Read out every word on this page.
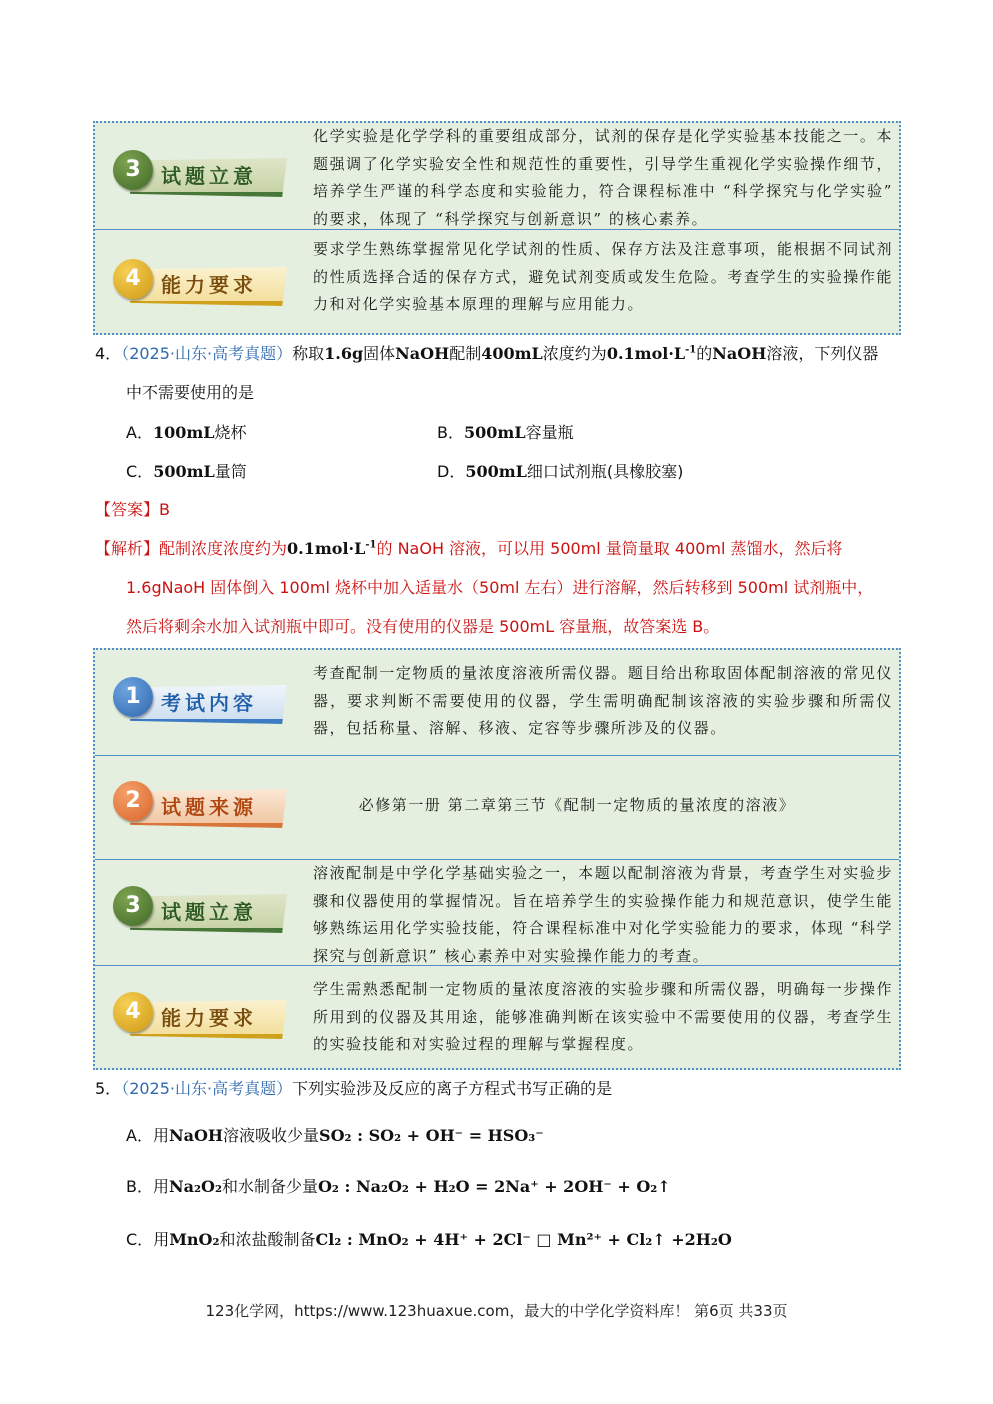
3	试题立意
化学实验是化学学科的重要组成部分，试剂的保存是化学实验基本技能之一。本题强调了化学实验安全性和规范性的重要性，引导学生重视化学实验操作细节，培养学生严谨的科学态度和实验能力，符合课程标准中 “科学探究与化学实验” 的要求，体现了 “科学探究与创新意识” 的核心素养。
4	能力要求
要求学生熟练掌握常见化学试剂的性质、保存方法及注意事项，能根据不同试剂的性质选择合适的保存方式，避免试剂变质或发生危险。考查学生的实验操作能力和对化学实验基本原理的理解与应用能力。
4．（2025·山东·高考真题）称取1.6g固体NaOH配制400mL浓度约为$0.1mol\cdot L^{-1}$的NaOH溶液，下列仪器
中不需要使用的是
A．100mL烧杯	B．500mL容量瓶
C．500mL量筒	D．500mL细口试剂瓶(具橡胶塞)
【答案】B
【解析】配制浓度浓度约为$0.1mol\cdot L^{-1}$的 NaOH 溶液，可以用 500ml 量筒量取 400ml 蒸馏水，然后将
1.6gNaoH 固体倒入 100ml 烧杯中加入适量水（50ml 左右）进行溶解，然后转移到 500ml 试剂瓶中，
然后将剩余水加入试剂瓶中即可。没有使用的仪器是 500mL 容量瓶，故答案选 B。
1	考试内容
考查配制一定物质的量浓度溶液所需仪器。题目给出称取固体配制溶液的常见仪器，要求判断不需要使用的仪器，学生需明确配制该溶液的实验步骤和所需仪器，包括称量、溶解、移液、定容等步骤所涉及的仪器。
2	试题来源	必修第一册 第二章第三节《配制一定物质的量浓度的溶液》
3	试题立意
溶液配制是中学化学基础实验之一，本题以配制溶液为背景，考查学生对实验步骤和仪器使用的掌握情况。旨在培养学生的实验操作能力和规范意识，使学生能够熟练运用化学实验技能，符合课程标准中对化学实验能力的要求，体现 “科学探究与创新意识” 核心素养中对实验操作能力的考查。
4	能力要求
学生需熟悉配制一定物质的量浓度溶液的实验步骤和所需仪器，明确每一步操作所用到的仪器及其用途，能够准确判断在该实验中不需要使用的仪器，考查学生的实验技能和对实验过程的理解与掌握程度。
5．（2025·山东·高考真题）下列实验涉及反应的离子方程式书写正确的是
A．用NaOH溶液吸收少量SO₂ : SO₂ + OH⁻ = HSO₃⁻
B．用Na₂O₂和水制备少量O₂ : Na₂O₂ + H₂O = 2Na⁺ + 2OH⁻ + O₂↑
C．用MnO₂和浓盐酸制备Cl₂ : MnO₂ + 4H⁺ + 2Cl⁻ □ Mn²⁺ + Cl₂↑ +2H₂O
123化学网，https://www.123huaxue.com，最大的中学化学资料库！ 第6页 共33页
